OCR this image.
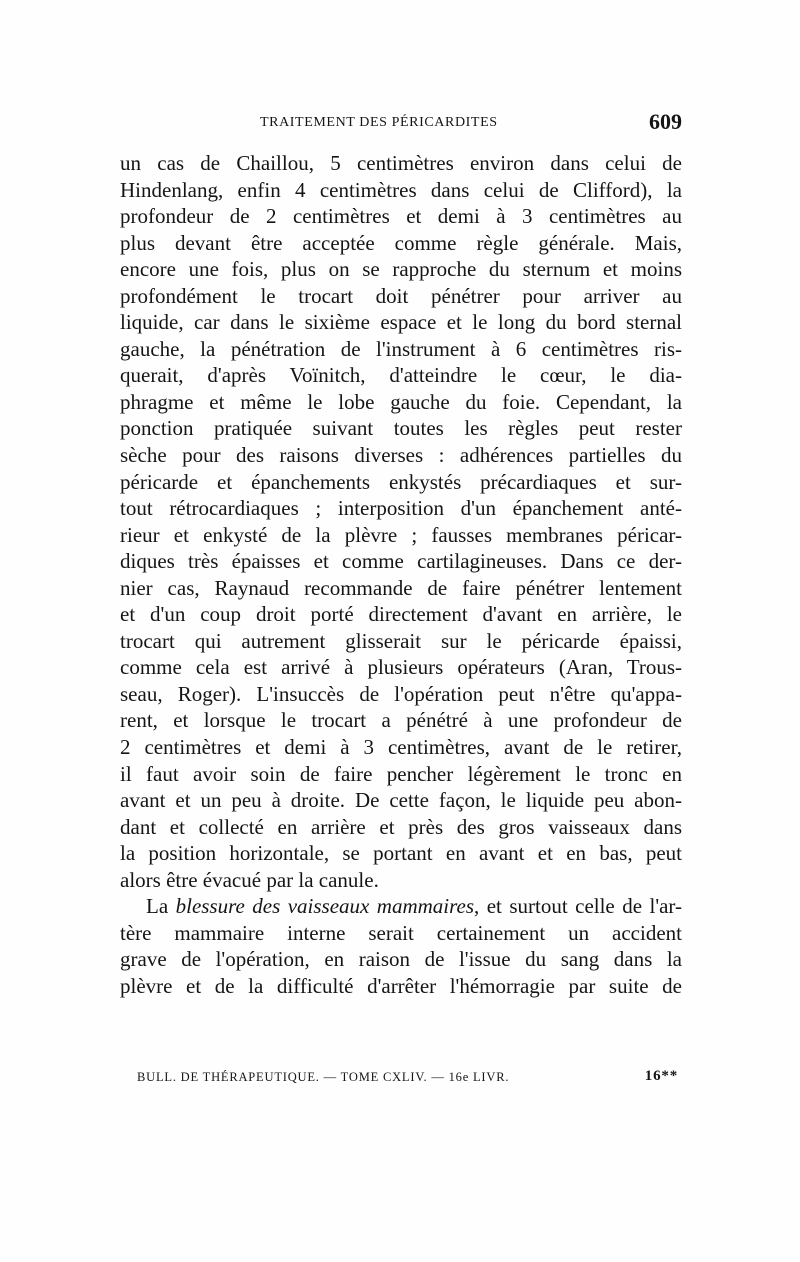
TRAITEMENT DES PÉRICARDITES	609
un cas de Chaillou, 5 centimètres environ dans celui de
Hindenlang, enfin 4 centimètres dans celui de Clifford), la
profondeur de 2 centimètres et demi à 3 centimètres au
plus devant être acceptée comme règle générale. Mais,
encore une fois, plus on se rapproche du sternum et moins
profondément le trocart doit pénétrer pour arriver au
liquide, car dans le sixième espace et le long du bord sternal
gauche, la pénétration de l'instrument à 6 centimètres ris-
querait, d'après Voïnitch, d'atteindre le cœur, le dia-
phragme et même le lobe gauche du foie. Cependant, la
ponction pratiquée suivant toutes les règles peut rester
sèche pour des raisons diverses : adhérences partielles du
péricarde et épanchements enkystés précardiaques et sur-
tout rétrocardiaques ; interposition d'un épanchement anté-
rieur et enkysté de la plèvre ; fausses membranes péricar-
diques très épaisses et comme cartilagineuses. Dans ce der-
nier cas, Raynaud recommande de faire pénétrer lentement
et d'un coup droit porté directement d'avant en arrière, le
trocart qui autrement glisserait sur le péricarde épaissi,
comme cela est arrivé à plusieurs opérateurs (Aran, Trous-
seau, Roger). L'insuccès de l'opération peut n'être qu'appa-
rent, et lorsque le trocart a pénétré à une profondeur de
2 centimètres et demi à 3 centimètres, avant de le retirer,
il faut avoir soin de faire pencher légèrement le tronc en
avant et un peu à droite. De cette façon, le liquide peu abon-
dant et collecté en arrière et près des gros vaisseaux dans
la position horizontale, se portant en avant et en bas, peut
alors être évacué par la canule.
La blessure des vaisseaux mammaires, et surtout celle de l'ar-
tère mammaire interne serait certainement un accident
grave de l'opération, en raison de l'issue du sang dans la
plèvre et de la difficulté d'arrêter l'hémorragie par suite de
BULL. DE THÉRAPEUTIQUE. — TOME CXLIV. — 16e LIVR.	16**
